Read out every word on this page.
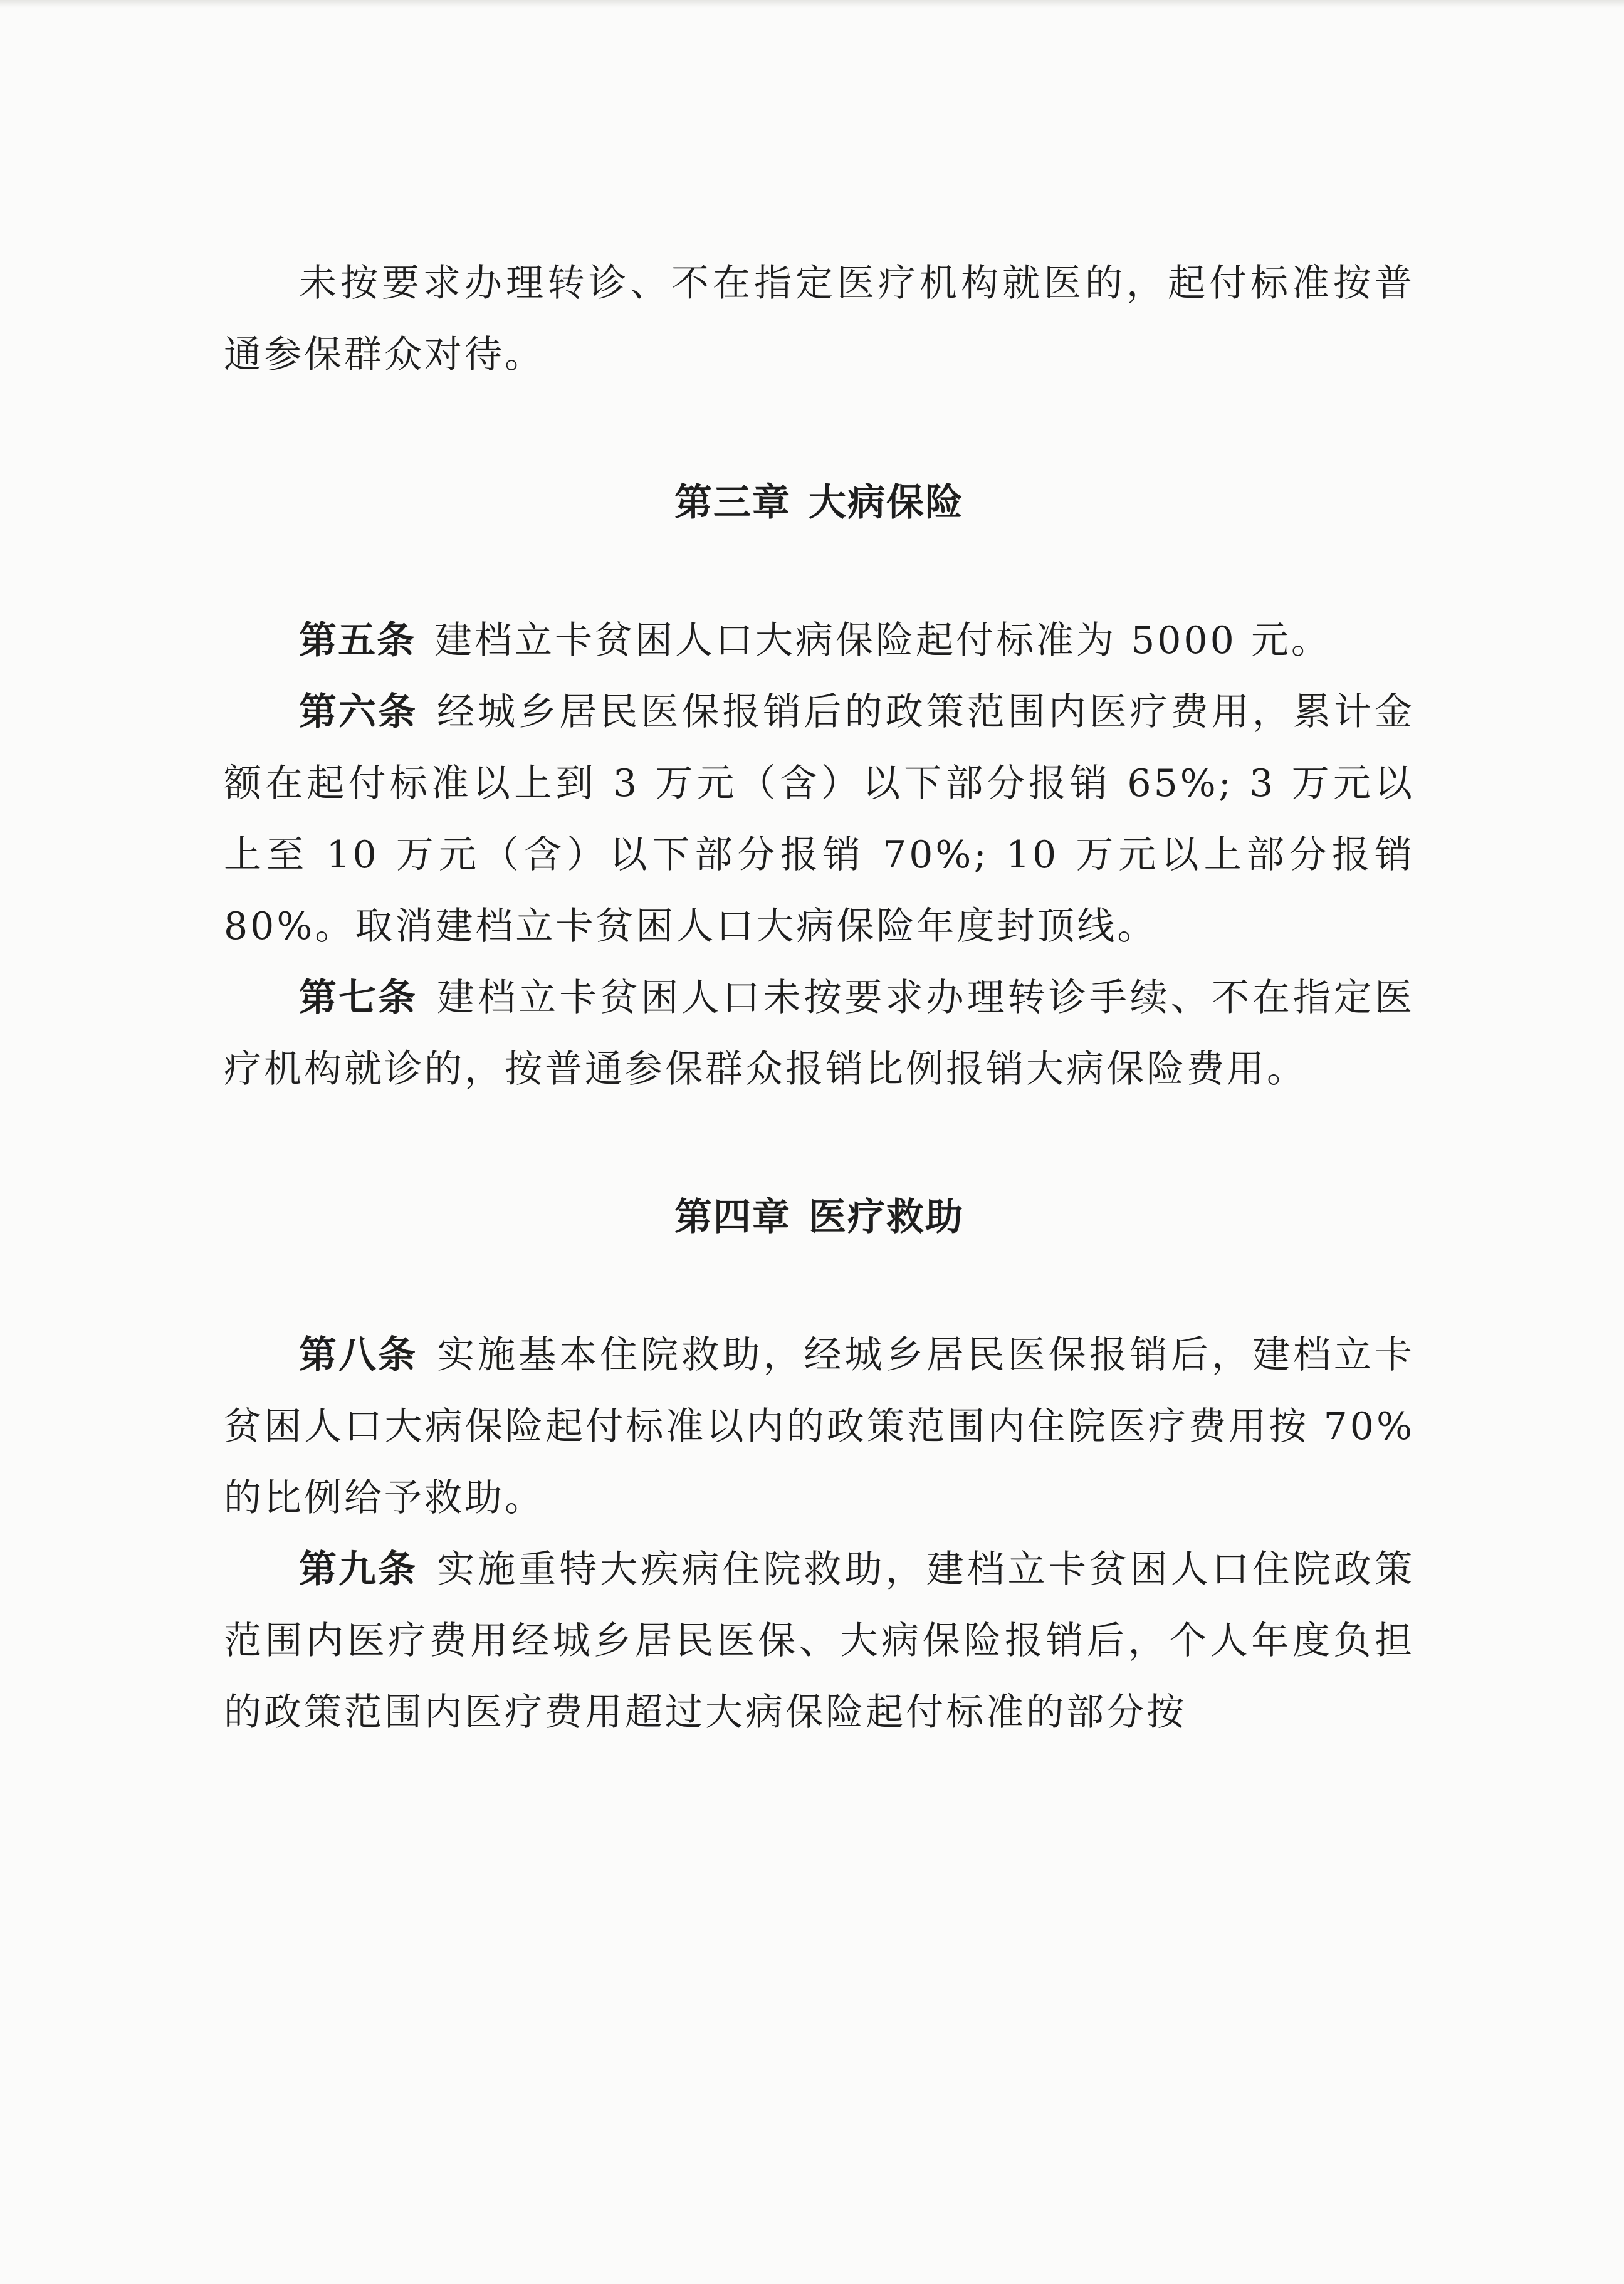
未按要求办理转诊、不在指定医疗机构就医的，起付标准按普通参保群众对待。

第三章 大病保险

第五条 建档立卡贫困人口大病保险起付标准为 5000 元。

第六条 经城乡居民医保报销后的政策范围内医疗费用，累计金额在起付标准以上到 3 万元（含）以下部分报销 65%; 3 万元以上至 10 万元（含）以下部分报销 70%; 10 万元以上部分报销 80%。取消建档立卡贫困人口大病保险年度封顶线。

第七条 建档立卡贫困人口未按要求办理转诊手续、不在指定医疗机构就诊的，按普通参保群众报销比例报销大病保险费用。

第四章 医疗救助

第八条 实施基本住院救助，经城乡居民医保报销后，建档立卡贫困人口大病保险起付标准以内的政策范围内住院医疗费用按 70%的比例给予救助。

第九条 实施重特大疾病住院救助，建档立卡贫困人口住院政策范围内医疗费用经城乡居民医保、大病保险报销后，个人年度负担的政策范围内医疗费用超过大病保险起付标准的部分按
